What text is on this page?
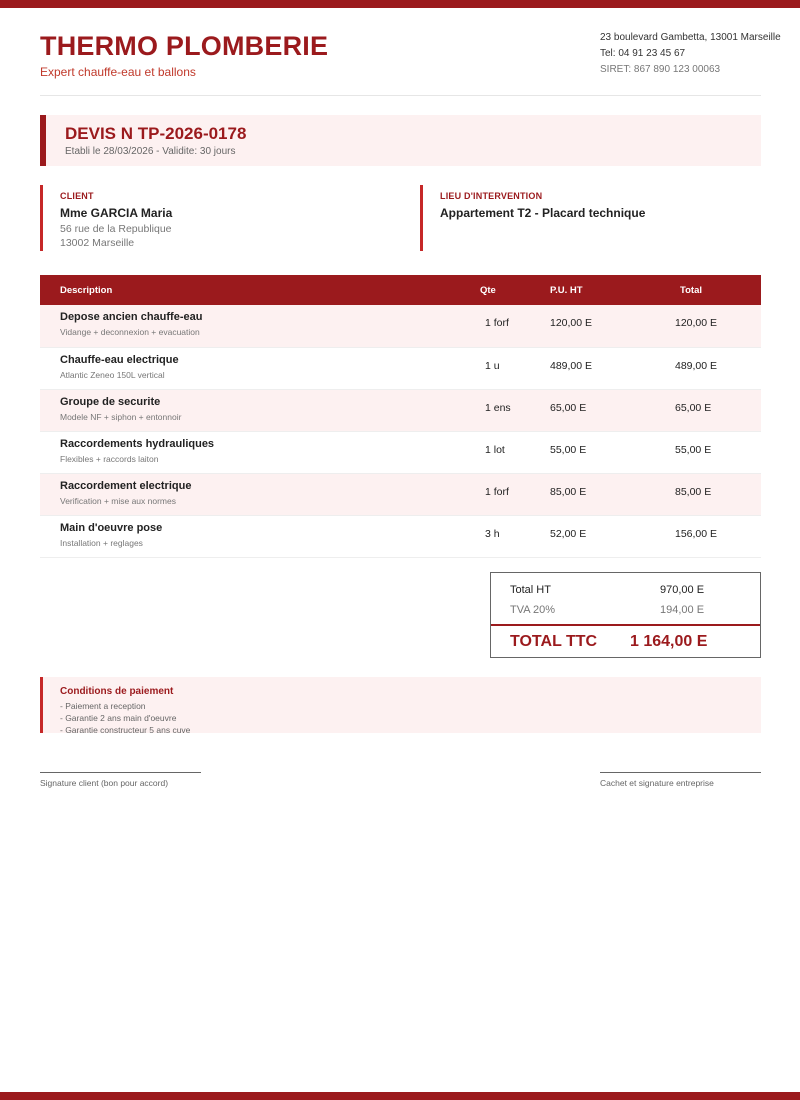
THERMO PLOMBERIE
Expert chauffe-eau et ballons
23 boulevard Gambetta, 13001 Marseille
Tel: 04 91 23 45 67
SIRET: 867 890 123 00063
DEVIS N TP-2026-0178
Etabli le 28/03/2026 - Validite: 30 jours
CLIENT
Mme GARCIA Maria
56 rue de la Republique
13002 Marseille
LIEU D'INTERVENTION
Appartement T2 - Placard technique
Description	Qte	P.U. HT	Total

Depose ancien chauffe-eau
Vidange + deconnexion + evacuation	1 forf	120,00 E	120,00 E

Chauffe-eau electrique
Atlantic Zeneo 150L vertical	1 u	489,00 E	489,00 E

Groupe de securite
Modele NF + siphon + entonnoir	1 ens	65,00 E	65,00 E

Raccordements hydrauliques
Flexibles + raccords laiton	1 lot	55,00 E	55,00 E

Raccordement electrique
Verification + mise aux normes	1 forf	85,00 E	85,00 E

Main d'oeuvre pose
Installation + reglages	3 h	52,00 E	156,00 E
Total HT	970,00 E
TVA 20%	194,00 E
TOTAL TTC 1 164,00 E
Conditions de paiement
- Paiement a reception
- Garantie 2 ans main d'oeuvre
- Garantie constructeur 5 ans cuve
Signature client (bon pour accord)	Cachet et signature entreprise
